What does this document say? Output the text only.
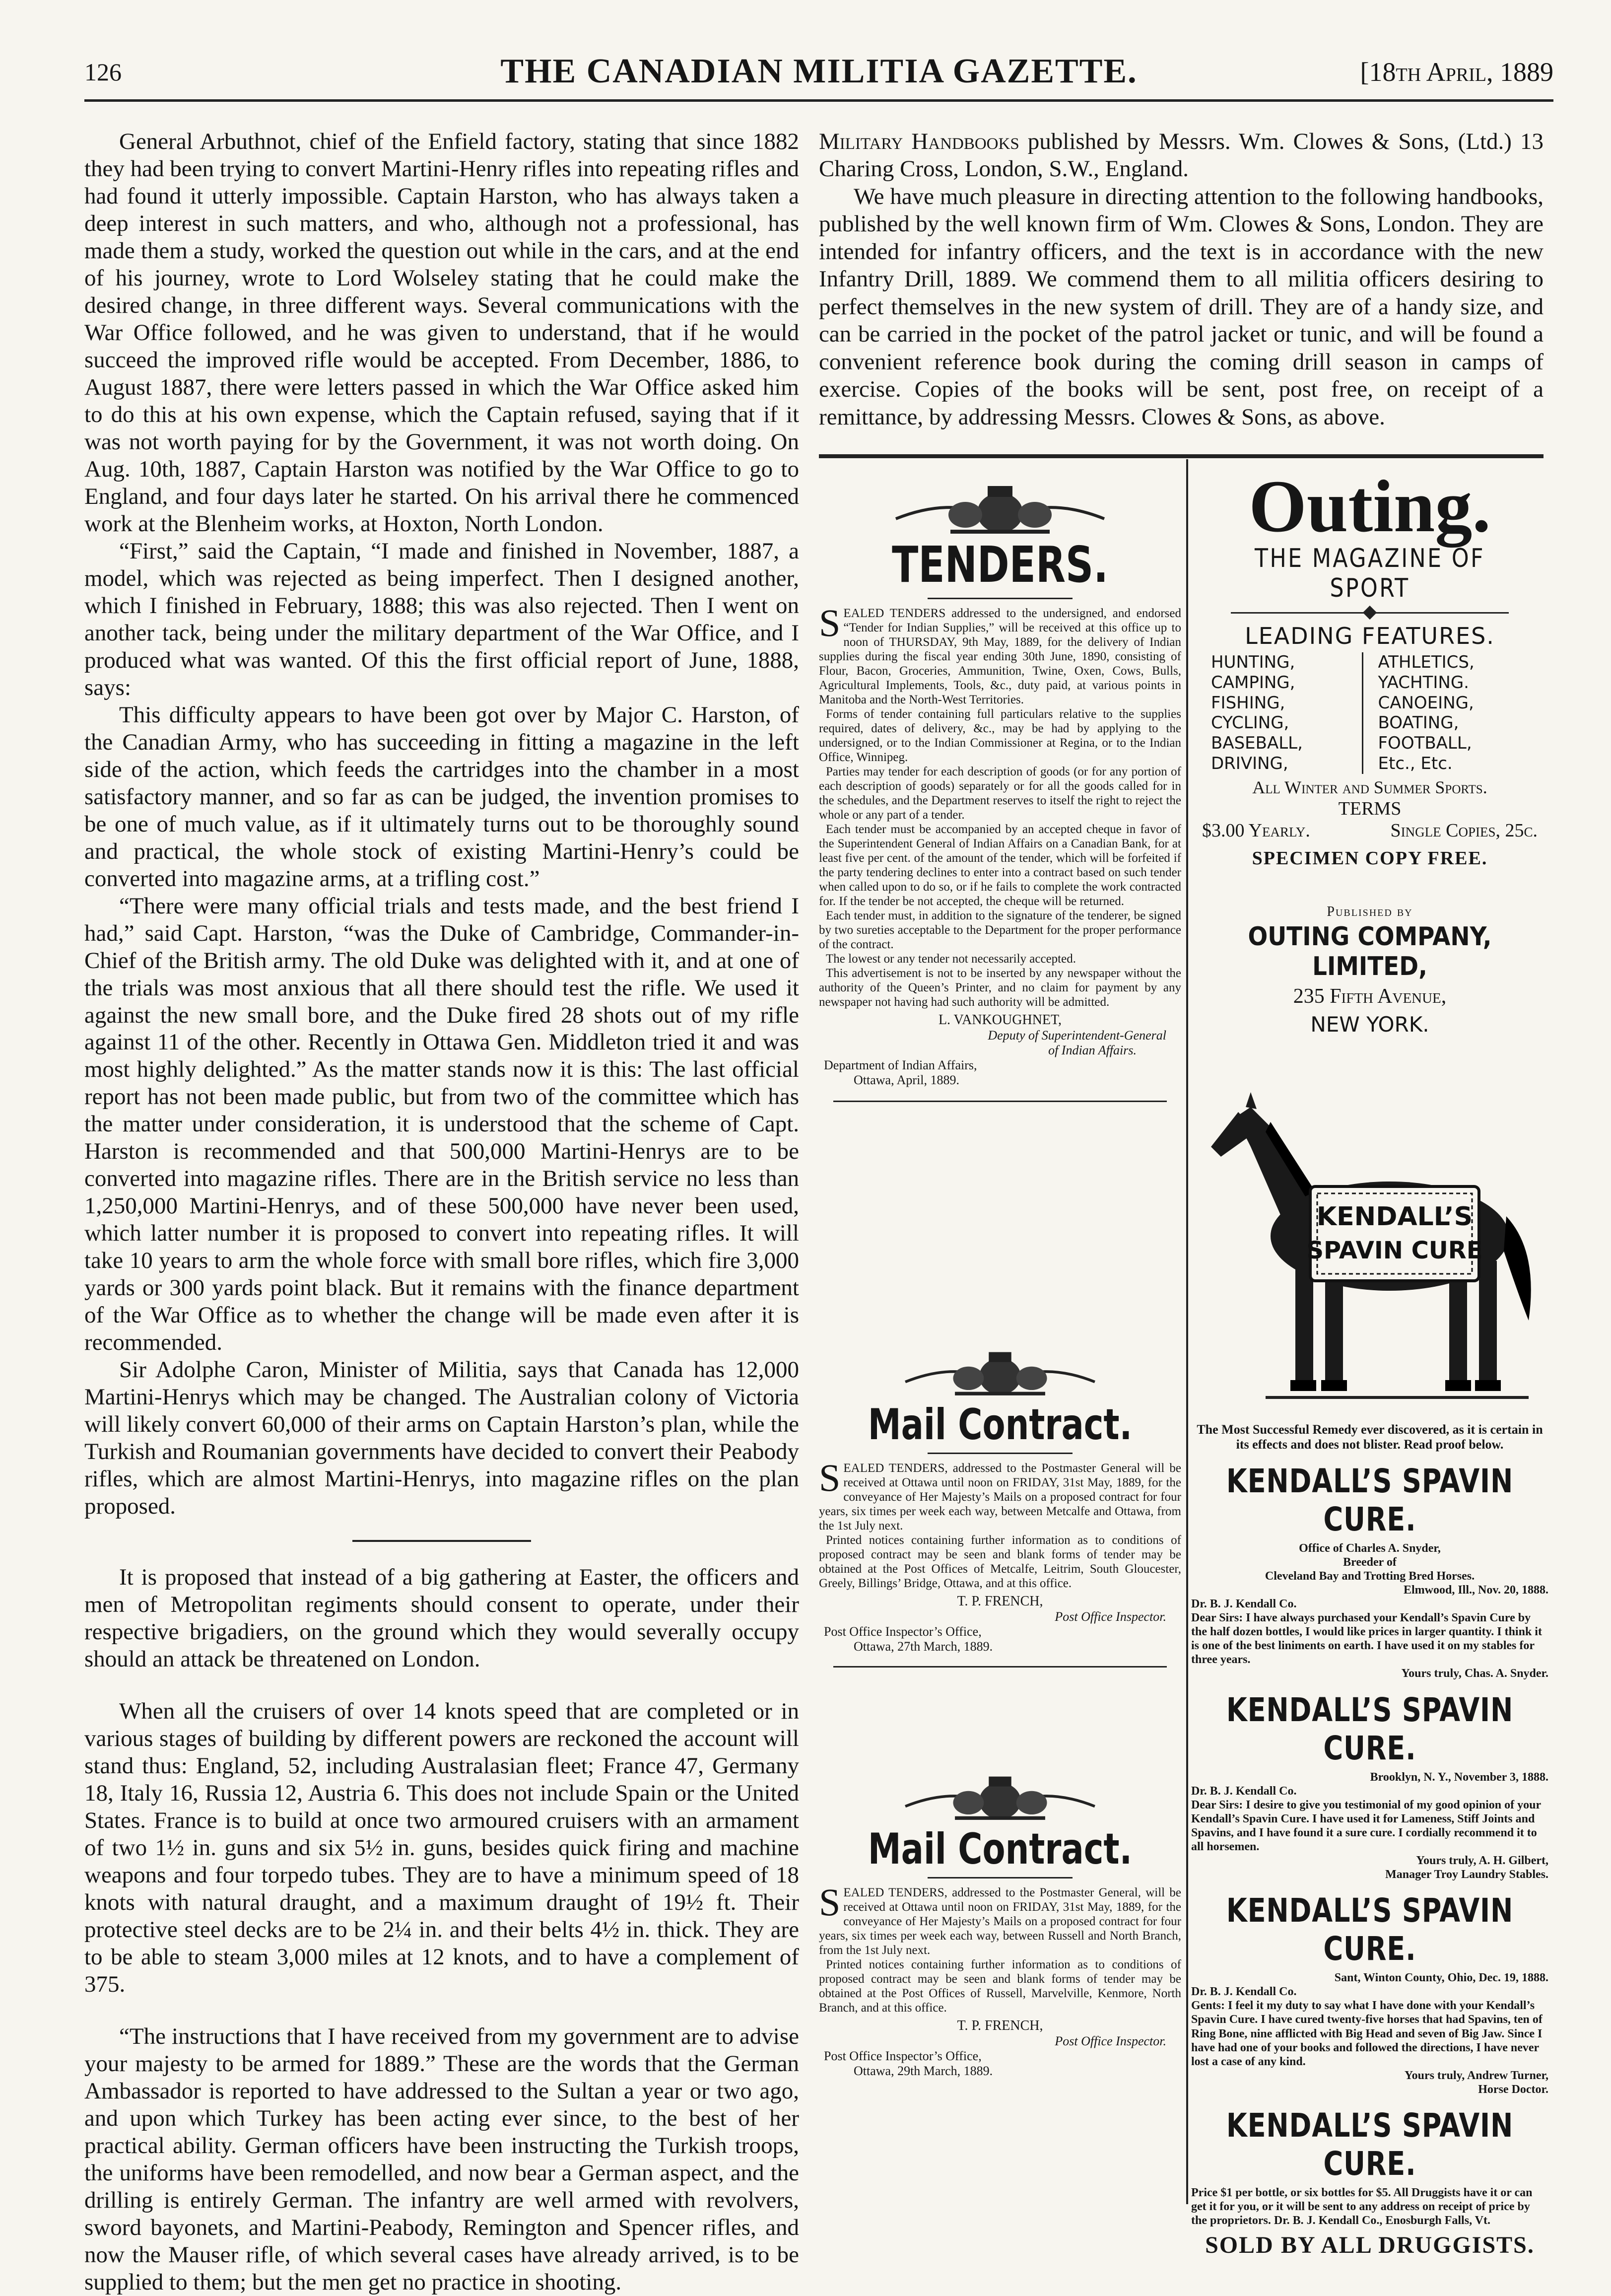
126	THE CANADIAN MILITIA GAZETTE.	[18th April, 1889

General Arbuthnot, chief of the Enfield factory, stating that since 1882 they had been trying to convert Martini-Henry rifles into repeating rifles and had found it utterly impossible. Captain Harston, who has always taken a deep interest in such matters, and who, although not a professional, has made them a study, worked the question out while in the cars, and at the end of his journey, wrote to Lord Wolseley stating that he could make the desired change, in three different ways. Several communications with the War Office followed, and he was given to understand, that if he would succeed the improved rifle would be accepted. From December, 1886, to August 1887, there were letters passed in which the War Office asked him to do this at his own expense, which the Captain refused, saying that if it was not worth paying for by the Government, it was not worth doing. On Aug. 10th, 1887, Captain Harston was notified by the War Office to go to England, and four days later he started. On his arrival there he commenced work at the Blenheim works, at Hoxton, North London.

“First,” said the Captain, “I made and finished in November, 1887, a model, which was rejected as being imperfect. Then I designed another, which I finished in February, 1888; this was also rejected. Then I went on another tack, being under the military department of the War Office, and I produced what was wanted. Of this the first official report of June, 1888, says:

This difficulty appears to have been got over by Major C. Harston, of the Canadian Army, who has succeeding in fitting a magazine in the left side of the action, which feeds the cartridges into the chamber in a most satisfactory manner, and so far as can be judged, the invention promises to be one of much value, as if it ultimately turns out to be thoroughly sound and practical, the whole stock of existing Martini-Henry’s could be converted into magazine arms, at a trifling cost.”

“There were many official trials and tests made, and the best friend I had,” said Capt. Harston, “was the Duke of Cambridge, Commander-in-Chief of the British army. The old Duke was delighted with it, and at one of the trials was most anxious that all there should test the rifle. We used it against the new small bore, and the Duke fired 28 shots out of my rifle against 11 of the other. Recently in Ottawa Gen. Middleton tried it and was most highly delighted.” As the matter stands now it is this: The last official report has not been made public, but from two of the committee which has the matter under consideration, it is understood that the scheme of Capt. Harston is recommended and that 500,000 Martini-Henrys are to be converted into magazine rifles. There are in the British service no less than 1,250,000 Martini-Henrys, and of these 500,000 have never been used, which latter number it is proposed to convert into repeating rifles. It will take 10 years to arm the whole force with small bore rifles, which fire 3,000 yards or 300 yards point black. But it remains with the finance department of the War Office as to whether the change will be made even after it is recommended.

Sir Adolphe Caron, Minister of Militia, says that Canada has 12,000 Martini-Henrys which may be changed. The Australian colony of Victoria will likely convert 60,000 of their arms on Captain Harston’s plan, while the Turkish and Roumanian governments have decided to convert their Peabody rifles, which are almost Martini-Henrys, into magazine rifles on the plan proposed.

It is proposed that instead of a big gathering at Easter, the officers and men of Metropolitan regiments should consent to operate, under their respective brigadiers, on the ground which they would severally occupy should an attack be threatened on London.

When all the cruisers of over 14 knots speed that are completed or in various stages of building by different powers are reckoned the account will stand thus: England, 52, including Australasian fleet; France 47, Germany 18, Italy 16, Russia 12, Austria 6. This does not include Spain or the United States. France is to build at once two armoured cruisers with an armament of two 1½ in. guns and six 5½ in. guns, besides quick firing and machine weapons and four torpedo tubes. They are to have a minimum speed of 18 knots with natural draught, and a maximum draught of 19½ ft. Their protective steel decks are to be 2¼ in. and their belts 4½ in. thick. They are to be able to steam 3,000 miles at 12 knots, and to have a complement of 375.

“The instructions that I have received from my government are to advise your majesty to be armed for 1889.” These are the words that the German Ambassador is reported to have addressed to the Sultan a year or two ago, and upon which Turkey has been acting ever since, to the best of her practical ability. German officers have been instructing the Turkish troops, the uniforms have been remodelled, and now bear a German aspect, and the drilling is entirely German. The infantry are well armed with revolvers, sword bayonets, and Martini-Peabody, Remington and Spencer rifles, and now the Mauser rifle, of which several cases have already arrived, is to be supplied to them; but the men get no practice in shooting.

Military Handbooks published by Messrs. Wm. Clowes & Sons, (Ltd.) 13 Charing Cross, London, S.W., England.

We have much pleasure in directing attention to the following handbooks, published by the well known firm of Wm. Clowes & Sons, London. They are intended for infantry officers, and the text is in accordance with the new Infantry Drill, 1889. We commend them to all militia officers desiring to perfect themselves in the new system of drill. They are of a handy size, and can be carried in the pocket of the patrol jacket or tunic, and will be found a convenient reference book during the coming drill season in camps of exercise. Copies of the books will be sent, post free, on receipt of a remittance, by addressing Messrs. Clowes & Sons, as above.

TENDERS.

SEALED TENDERS addressed to the undersigned, and endorsed “Tender for Indian Supplies,” will be received at this office up to noon of THURSDAY, 9th May, 1889, for the delivery of Indian supplies during the fiscal year ending 30th June, 1890, consisting of Flour, Bacon, Groceries, Ammunition, Twine, Oxen, Cows, Bulls, Agricultural Implements, Tools, &c., duty paid, at various points in Manitoba and the North-West Territories.

Forms of tender containing full particulars relative to the supplies required, dates of delivery, &c., may be had by applying to the undersigned, or to the Indian Commissioner at Regina, or to the Indian Office, Winnipeg.

Parties may tender for each description of goods (or for any portion of each description of goods) separately or for all the goods called for in the schedules, and the Department reserves to itself the right to reject the whole or any part of a tender.

Each tender must be accompanied by an accepted cheque in favor of the Superintendent General of Indian Affairs on a Canadian Bank, for at least five per cent. of the amount of the tender, which will be forfeited if the party tendering declines to enter into a contract based on such tender when called upon to do so, or if he fails to complete the work contracted for. If the tender be not accepted, the cheque will be returned.

Each tender must, in addition to the signature of the tenderer, be signed by two sureties acceptable to the Department for the proper performance of the contract.

The lowest or any tender not necessarily accepted.

This advertisement is not to be inserted by any newspaper without the authority of the Queen’s Printer, and no claim for payment by any newspaper not having had such authority will be admitted.

L. VANKOUGHNET,
Deputy of Superintendent-General
of Indian Affairs.
Department of Indian Affairs,
Ottawa, April, 1889.
Mail Contract.

SEALED TENDERS, addressed to the Postmaster General will be received at Ottawa until noon on FRIDAY, 31st May, 1889, for the conveyance of Her Majesty’s Mails on a proposed contract for four years, six times per week each way, between Metcalfe and Ottawa, from the 1st July next.

Printed notices containing further information as to conditions of proposed contract may be seen and blank forms of tender may be obtained at the Post Offices of Metcalfe, Leitrim, South Gloucester, Greely, Billings’ Bridge, Ottawa, and at this office.

T. P. FRENCH,
Post Office Inspector.
Post Office Inspector’s Office,
Ottawa, 27th March, 1889.
Mail Contract.

SEALED TENDERS, addressed to the Postmaster General, will be received at Ottawa until noon on FRIDAY, 31st May, 1889, for the conveyance of Her Majesty’s Mails on a proposed contract for four years, six times per week each way, between Russell and North Branch, from the 1st July next.

Printed notices containing further information as to conditions of proposed contract may be seen and blank forms of tender may be obtained at the Post Offices of Russell, Marvelville, Kenmore, North Branch, and at this office.

T. P. FRENCH,
Post Office Inspector.
Post Office Inspector’s Office,
Ottawa, 29th March, 1889.
Outing.
THE MAGAZINE OF SPORT
LEADING FEATURES.
HUNTING,
CAMPING,
FISHING,
CYCLING,
BASEBALL,
DRIVING,
ATHLETICS,
YACHTING.
CANOEING,
BOATING,
FOOTBALL,
Etc., Etc.
All Winter and Summer Sports.
TERMS
$3.00 Yearly.	Single Copies, 25c.
SPECIMEN COPY FREE.
Published by
OUTING COMPANY, LIMITED,
235 Fifth Avenue,
NEW YORK.
KENDALL’S
SPAVIN CURE
The Most Successful Remedy ever discovered, as it is certain in its effects and does not blister. Read proof below.
KENDALL’S SPAVIN CURE.

Office of Charles A. Snyder,

Breeder of

Cleveland Bay and Trotting Bred Horses.

Elmwood, Ill., Nov. 20, 1888.

Dr. B. J. Kendall Co.

Dear Sirs: I have always purchased your Kendall’s Spavin Cure by the half dozen bottles, I would like prices in larger quantity. I think it is one of the best liniments on earth. I have used it on my stables for three years.

Yours truly, Chas. A. Snyder.

KENDALL’S SPAVIN CURE.

Brooklyn, N. Y., November 3, 1888.

Dr. B. J. Kendall Co.

Dear Sirs: I desire to give you testimonial of my good opinion of your Kendall’s Spavin Cure. I have used it for Lameness, Stiff Joints and Spavins, and I have found it a sure cure. I cordially recommend it to all horsemen.

Yours truly, A. H. Gilbert,

Manager Troy Laundry Stables.

KENDALL’S SPAVIN CURE.

Sant, Winton County, Ohio, Dec. 19, 1888.

Dr. B. J. Kendall Co.

Gents: I feel it my duty to say what I have done with your Kendall’s Spavin Cure. I have cured twenty-five horses that had Spavins, ten of Ring Bone, nine afflicted with Big Head and seven of Big Jaw. Since I have had one of your books and followed the directions, I have never lost a case of any kind.

Yours truly, Andrew Turner,

Horse Doctor.

KENDALL’S SPAVIN CURE.
Price $1 per bottle, or six bottles for $5. All Druggists have it or can get it for you, or it will be sent to any address on receipt of price by the proprietors. Dr. B. J. Kendall Co., Enosburgh Falls, Vt.
SOLD BY ALL DRUGGISTS.
